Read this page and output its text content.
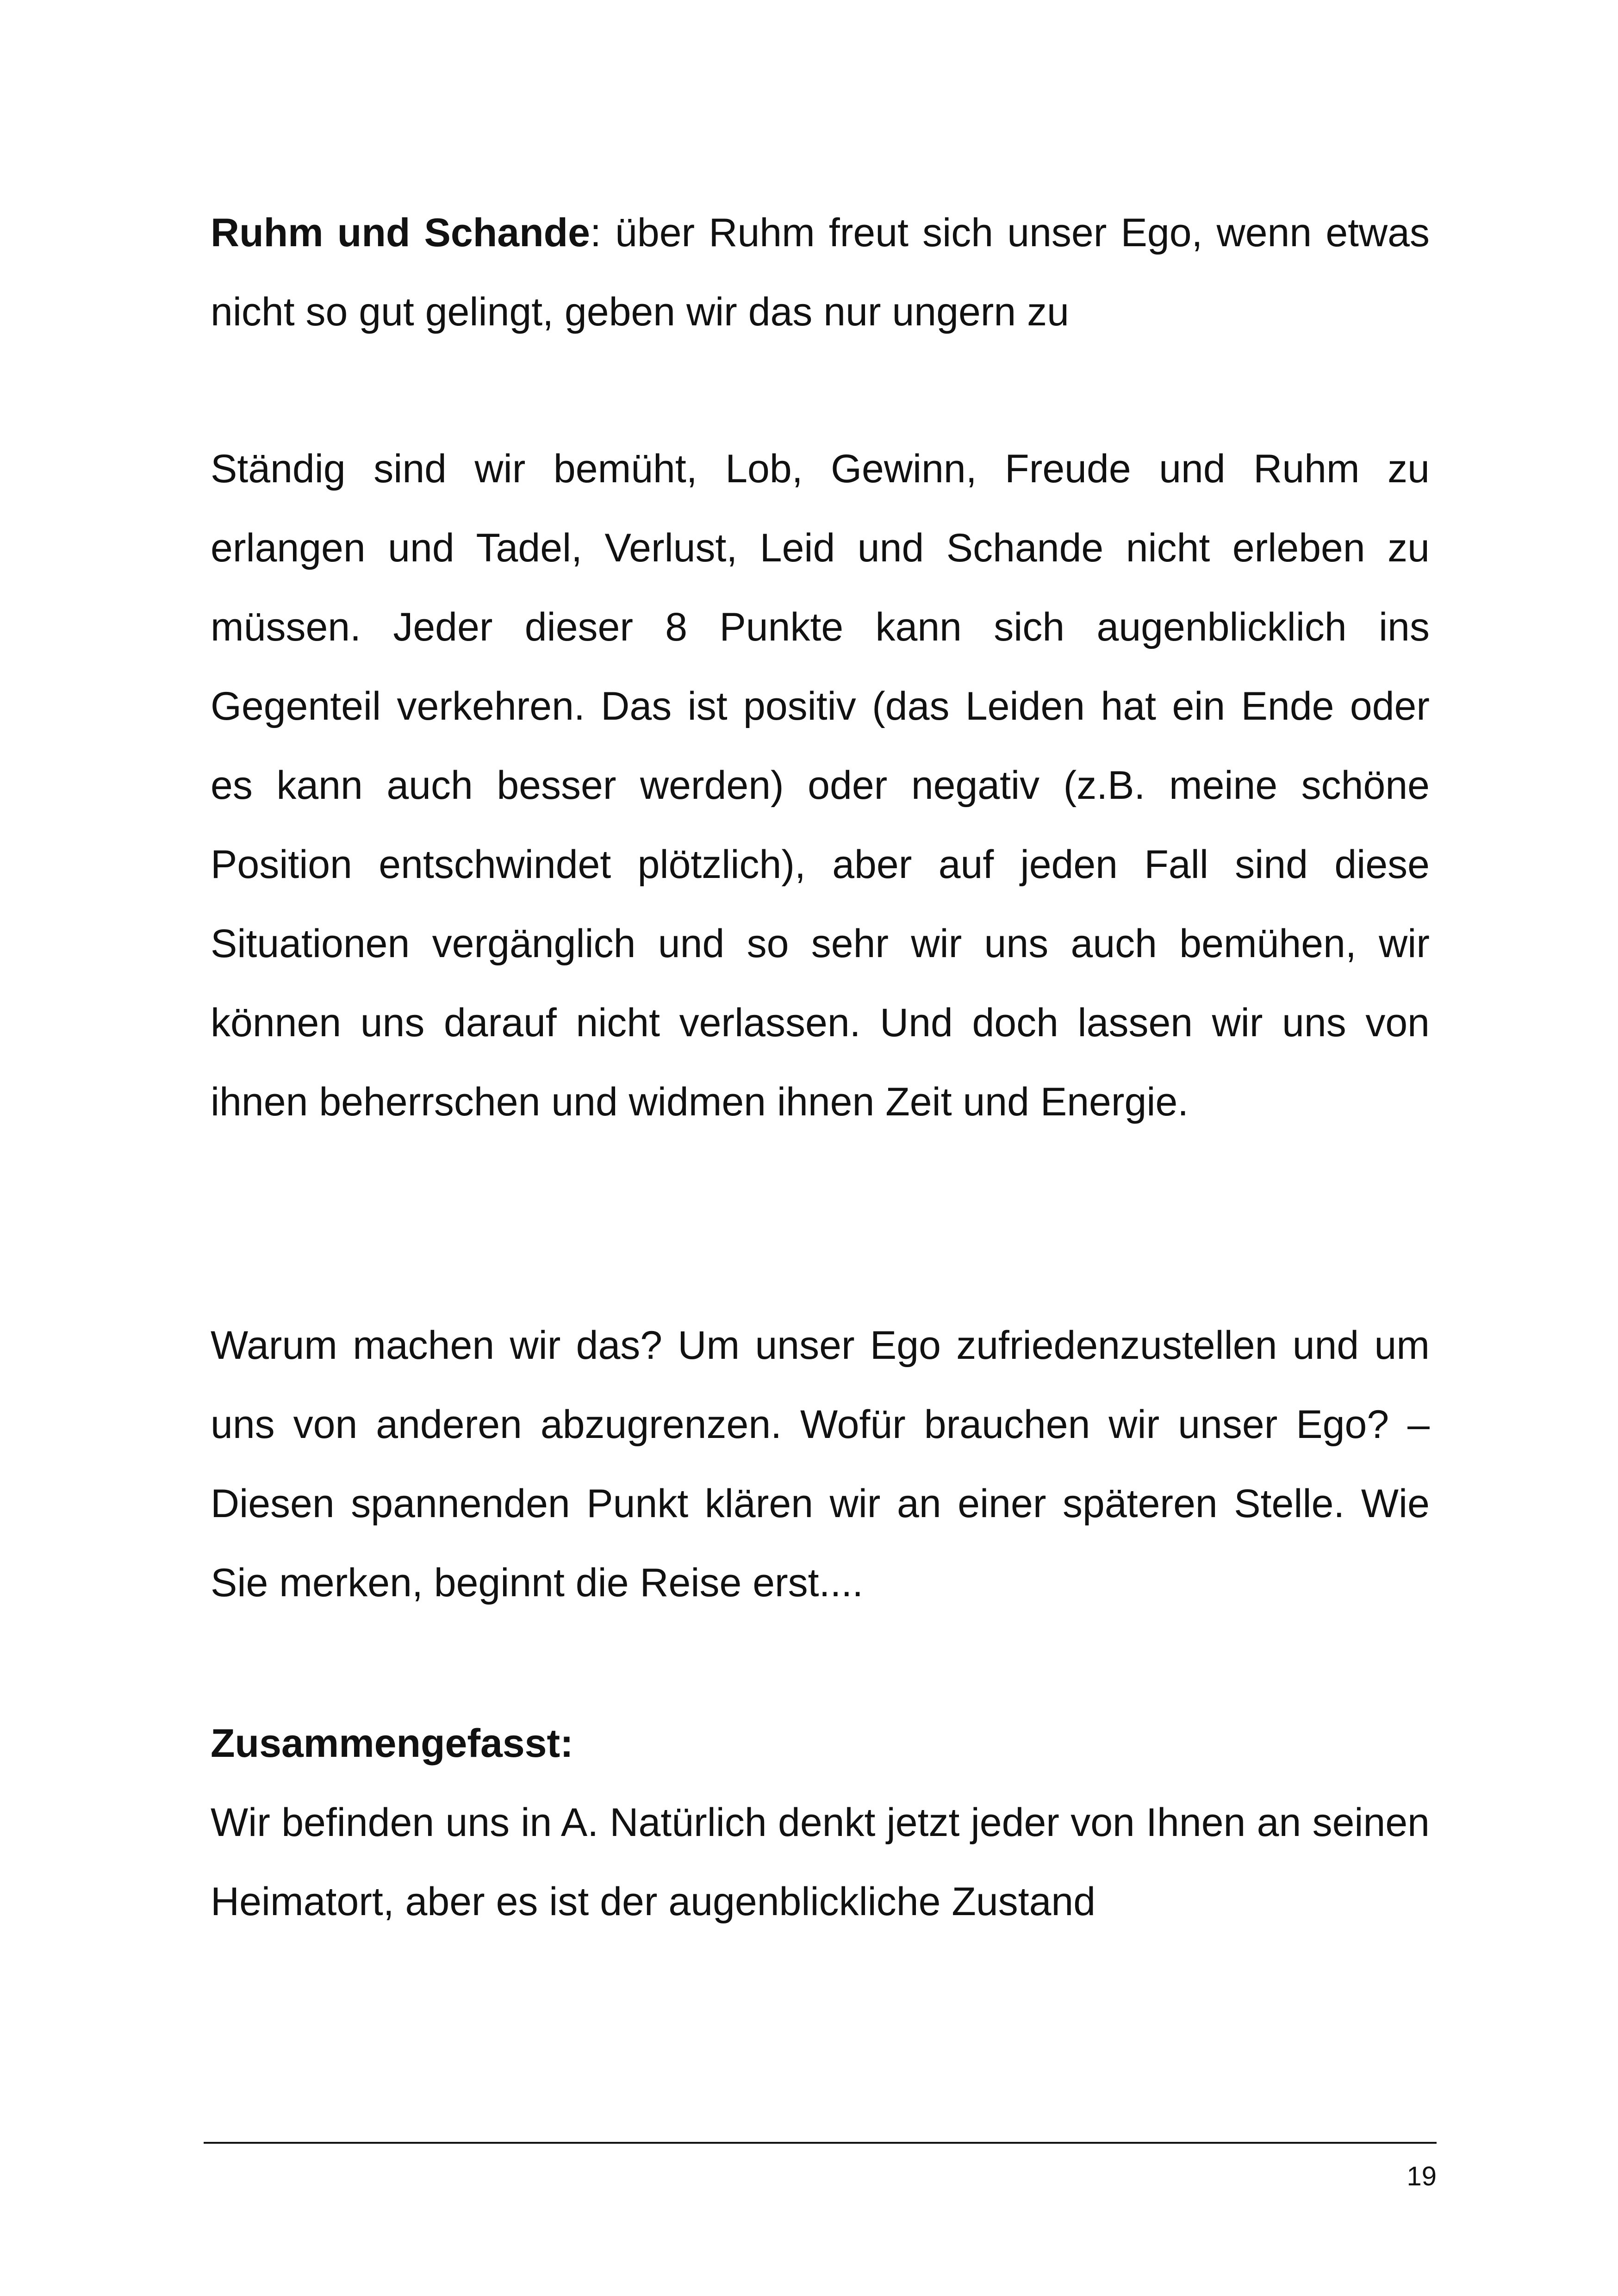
Ruhm und Schande: über Ruhm freut sich unser Ego, wenn etwas nicht so gut gelingt, geben wir das nur ungern zu

Ständig sind wir bemüht, Lob, Gewinn, Freude und Ruhm zu erlangen und Tadel, Verlust, Leid und Schande nicht erleben zu müssen. Jeder dieser 8 Punkte kann sich augenblicklich ins Gegenteil verkehren. Das ist positiv (das Leiden hat ein Ende oder es kann auch besser werden) oder negativ (z.B. meine schöne Position entschwindet plötzlich), aber auf jeden Fall sind diese Situationen vergänglich und so sehr wir uns auch bemühen, wir können uns darauf nicht verlassen. Und doch lassen wir uns von ihnen beherrschen und widmen ihnen Zeit und Energie.

Warum machen wir das? Um unser Ego zufriedenzustellen und um uns von anderen abzugrenzen. Wofür brauchen wir unser Ego? – Diesen spannenden Punkt klären wir an einer späteren Stelle. Wie Sie merken, beginnt die Reise erst....

Zusammengefasst:
Wir befinden uns in A. Natürlich denkt jetzt jeder von Ihnen an seinen Heimatort, aber es ist der augenblickliche Zustand
19
